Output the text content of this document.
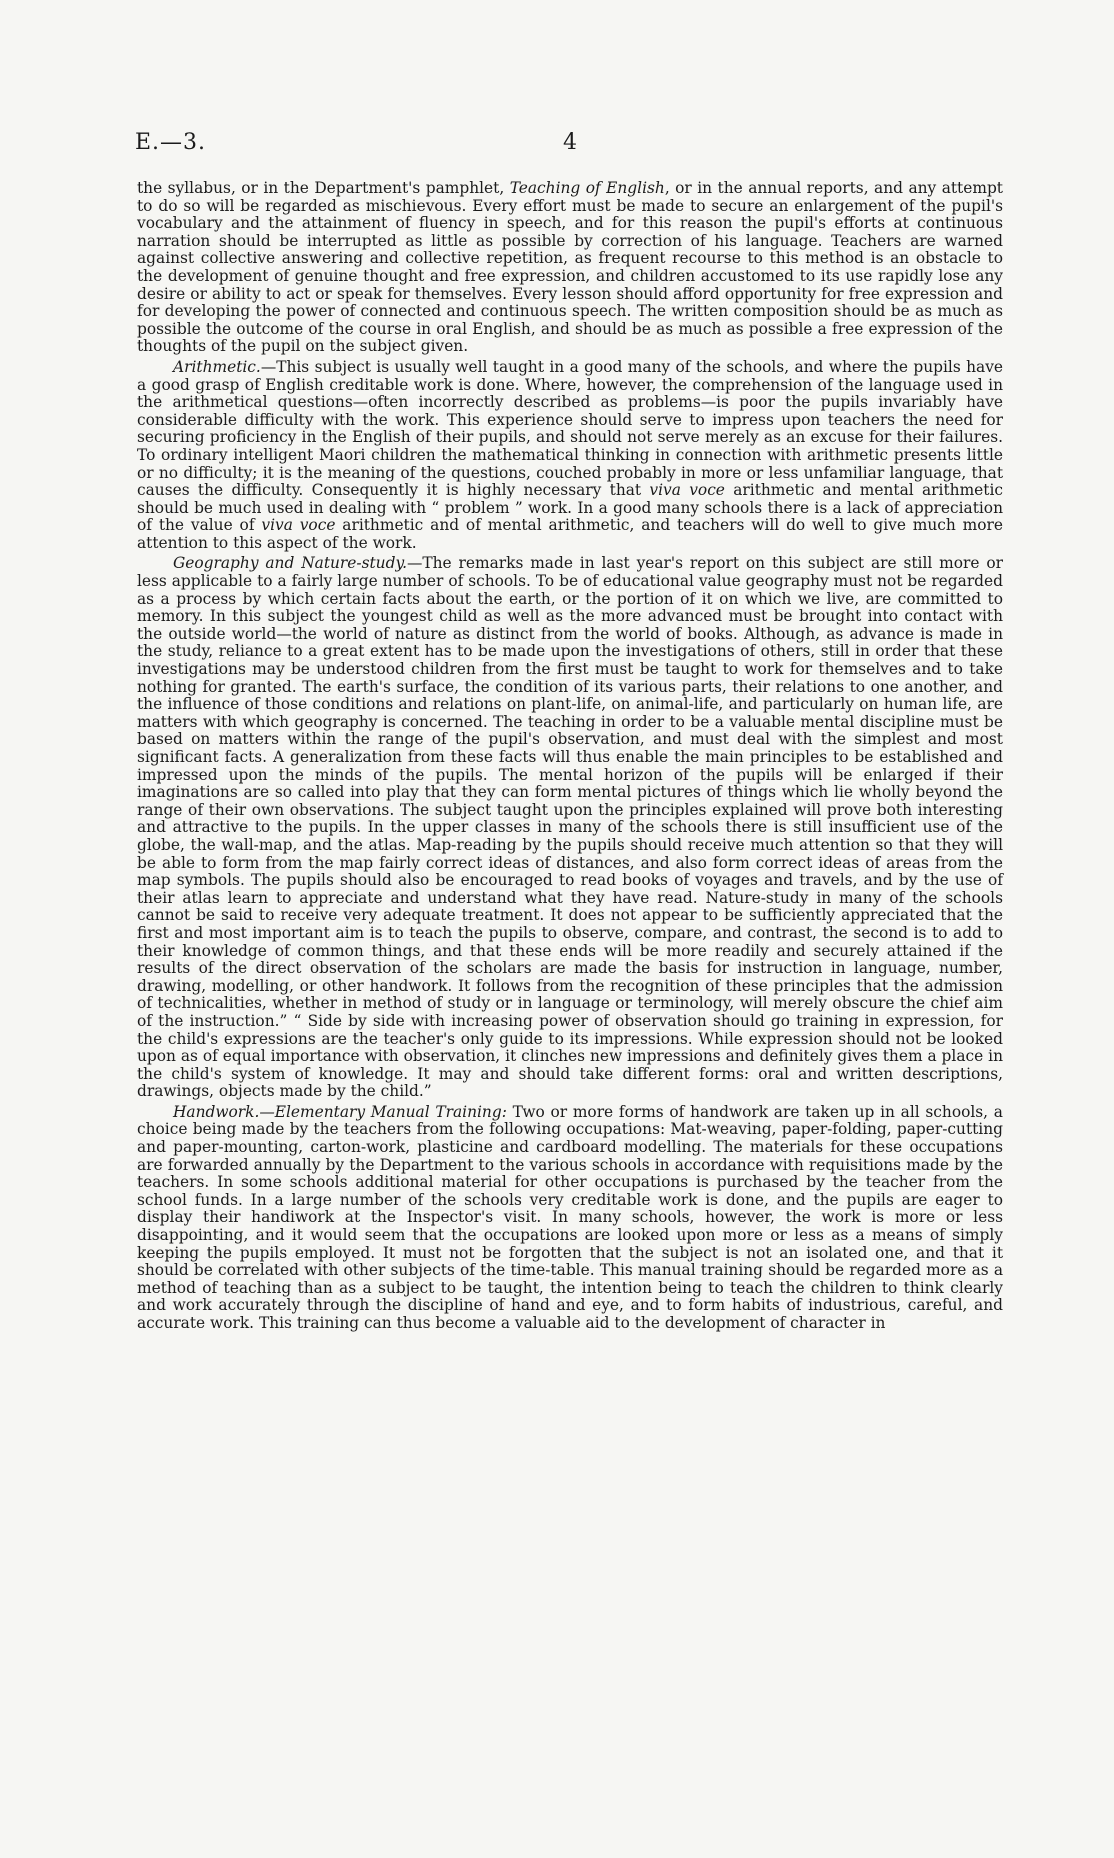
E.—3.	4

the syllabus, or in the Department's pamphlet, Teaching of English, or in the annual reports, and any attempt to do so will be regarded as mischievous. Every effort must be made to secure an enlargement of the pupil's vocabulary and the attainment of fluency in speech, and for this reason the pupil's efforts at continuous narration should be interrupted as little as possible by correction of his language. Teachers are warned against collective answering and collective repetition, as frequent recourse to this method is an obstacle to the development of genuine thought and free expression, and children accustomed to its use rapidly lose any desire or ability to act or speak for themselves. Every lesson should afford opportunity for free expression and for developing the power of connected and continuous speech. The written composition should be as much as possible the outcome of the course in oral English, and should be as much as possible a free expression of the thoughts of the pupil on the subject given.

Arithmetic.—This subject is usually well taught in a good many of the schools, and where the pupils have a good grasp of English creditable work is done. Where, however, the comprehension of the language used in the arithmetical questions—often incorrectly described as problems—is poor the pupils invariably have considerable difficulty with the work. This experience should serve to impress upon teachers the need for securing proficiency in the English of their pupils, and should not serve merely as an excuse for their failures. To ordinary intelligent Maori children the mathematical thinking in connection with arithmetic presents little or no difficulty; it is the meaning of the questions, couched probably in more or less unfamiliar language, that causes the difficulty. Consequently it is highly necessary that viva voce arithmetic and mental arithmetic should be much used in dealing with “ problem ” work. In a good many schools there is a lack of appreciation of the value of viva voce arithmetic and of mental arithmetic, and teachers will do well to give much more attention to this aspect of the work.

Geography and Nature-study.—The remarks made in last year's report on this subject are still more or less applicable to a fairly large number of schools. To be of educational value geography must not be regarded as a process by which certain facts about the earth, or the portion of it on which we live, are committed to memory. In this subject the youngest child as well as the more advanced must be brought into contact with the outside world—the world of nature as distinct from the world of books. Although, as advance is made in the study, reliance to a great extent has to be made upon the investigations of others, still in order that these investigations may be understood children from the first must be taught to work for themselves and to take nothing for granted. The earth's surface, the condition of its various parts, their relations to one another, and the influence of those conditions and relations on plant-life, on animal-life, and particularly on human life, are matters with which geography is concerned. The teaching in order to be a valuable mental discipline must be based on matters within the range of the pupil's observation, and must deal with the simplest and most significant facts. A generalization from these facts will thus enable the main principles to be established and impressed upon the minds of the pupils. The mental horizon of the pupils will be enlarged if their imaginations are so called into play that they can form mental pictures of things which lie wholly beyond the range of their own observations. The subject taught upon the principles explained will prove both interesting and attractive to the pupils. In the upper classes in many of the schools there is still insufficient use of the globe, the wall-map, and the atlas. Map-reading by the pupils should receive much attention so that they will be able to form from the map fairly correct ideas of distances, and also form correct ideas of areas from the map symbols. The pupils should also be encouraged to read books of voyages and travels, and by the use of their atlas learn to appreciate and understand what they have read. Nature-study in many of the schools cannot be said to receive very adequate treatment. It does not appear to be sufficiently appreciated that the first and most important aim is to teach the pupils to observe, compare, and contrast, the second is to add to their knowledge of common things, and that these ends will be more readily and securely attained if the results of the direct observation of the scholars are made the basis for instruction in language, number, drawing, modelling, or other handwork. It follows from the recognition of these principles that the admission of technicalities, whether in method of study or in language or terminology, will merely obscure the chief aim of the instruction.” “ Side by side with increasing power of observation should go training in expression, for the child's expressions are the teacher's only guide to its impressions. While expression should not be looked upon as of equal importance with observation, it clinches new impressions and definitely gives them a place in the child's system of knowledge. It may and should take different forms: oral and written descriptions, drawings, objects made by the child.”

Handwork.—Elementary Manual Training: Two or more forms of handwork are taken up in all schools, a choice being made by the teachers from the following occupations: Mat-weaving, paper-folding, paper-cutting and paper-mounting, carton-work, plasticine and cardboard modelling. The materials for these occupations are forwarded annually by the Department to the various schools in accordance with requisitions made by the teachers. In some schools additional material for other occupations is purchased by the teacher from the school funds. In a large number of the schools very creditable work is done, and the pupils are eager to display their handiwork at the Inspector's visit. In many schools, however, the work is more or less disappointing, and it would seem that the occupations are looked upon more or less as a means of simply keeping the pupils employed. It must not be forgotten that the subject is not an isolated one, and that it should be correlated with other subjects of the time-table. This manual training should be regarded more as a method of teaching than as a subject to be taught, the intention being to teach the children to think clearly and work accurately through the discipline of hand and eye, and to form habits of industrious, careful, and accurate work. This training can thus become a valuable aid to the development of character in
